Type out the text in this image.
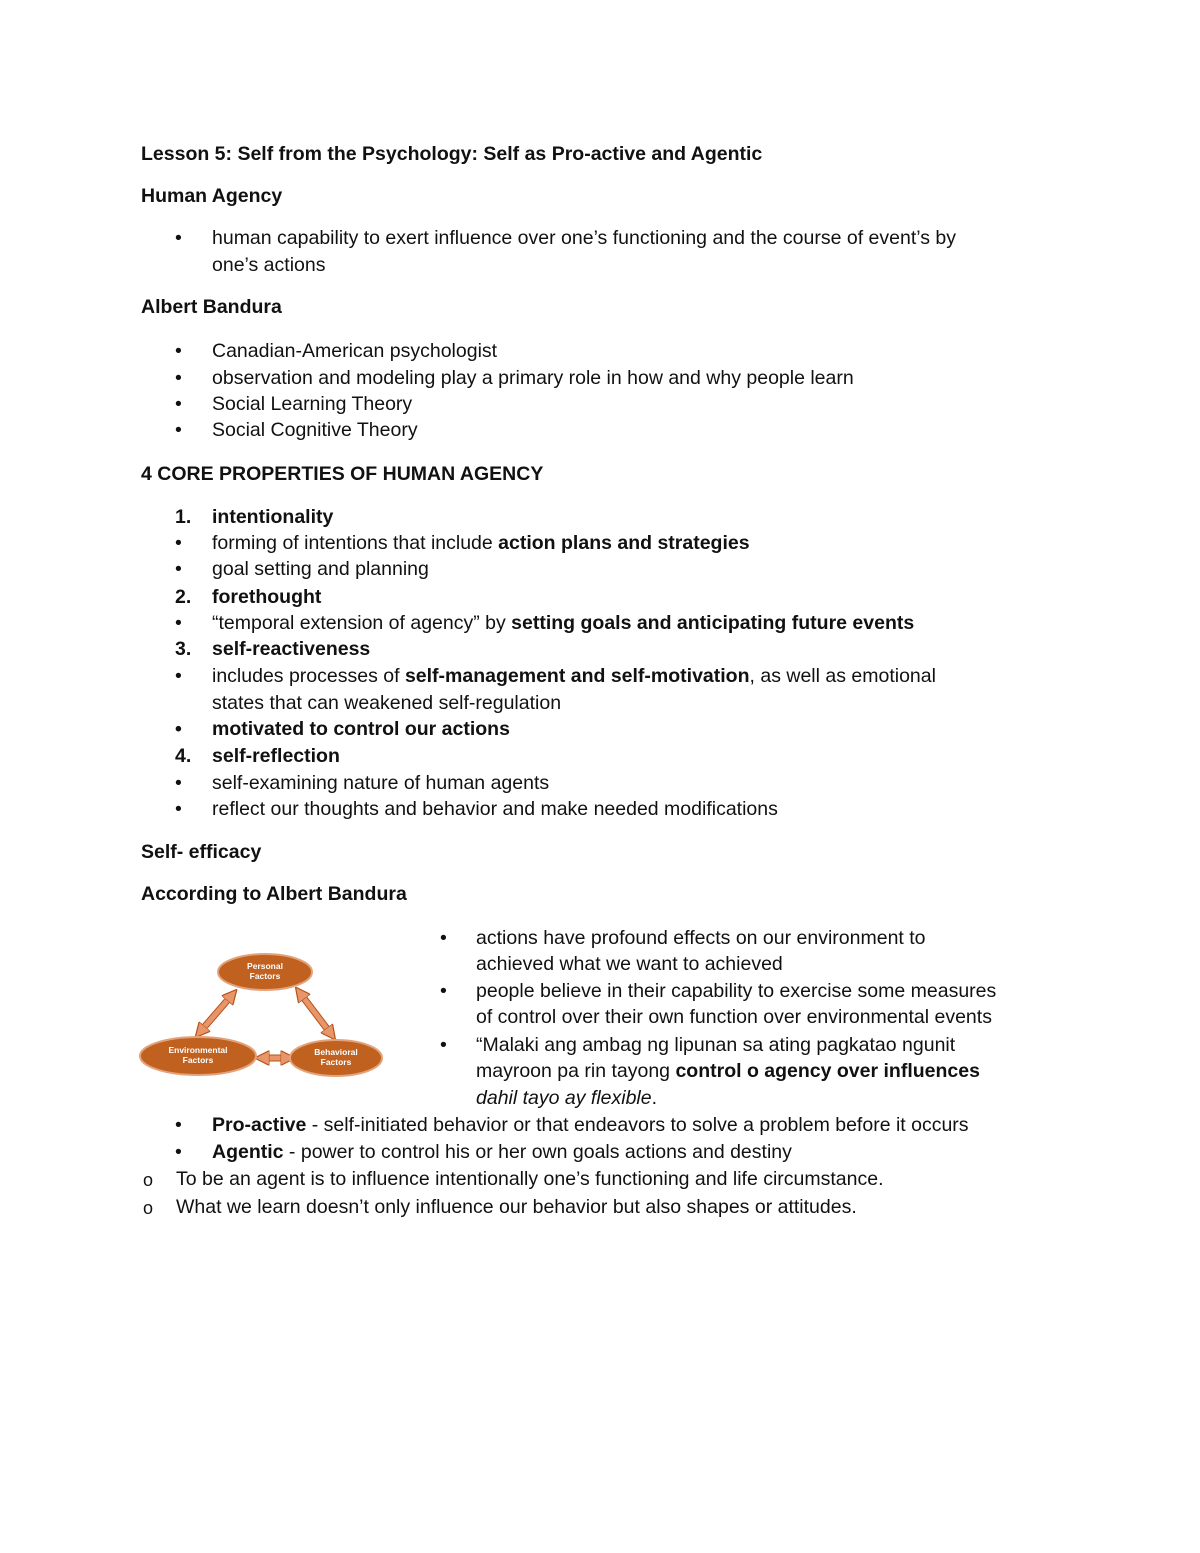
Lesson 5: Self from the Psychology: Self as Pro-active and Agentic
Human Agency
• human capability to exert influence over one’s functioning and the course of event’s by
one’s actions
Albert Bandura
• Canadian-American psychologist
• observation and modeling play a primary role in how and why people learn
• Social Learning Theory
• Social Cognitive Theory
4 CORE PROPERTIES OF HUMAN AGENCY
1. intentionality
• forming of intentions that include action plans and strategies
• goal setting and planning
2. forethought
• “temporal extension of agency” by setting goals and anticipating future events
3. self-reactiveness
• includes processes of self-management and self-motivation, as well as emotional
states that can weakened self-regulation
• motivated to control our actions
4. self-reflection
• self-examining nature of human agents
• reflect our thoughts and behavior and make needed modifications
Self- efficacy
According to Albert Bandura
Personal
Factors
Behavioral
Factors
Environmental
Factors
• actions have profound effects on our environment to
achieved what we want to achieved
• people believe in their capability to exercise some measures
of control over their own function over environmental events
• “Malaki ang ambag ng lipunan sa ating pagkatao ngunit
mayroon pa rin tayong control o agency over influences
dahil tayo ay flexible.
• Pro-active - self-initiated behavior or that endeavors to solve a problem before it occurs
• Agentic - power to control his or her own goals actions and destiny
o To be an agent is to influence intentionally one’s functioning and life circumstance.
o What we learn doesn’t only influence our behavior but also shapes or attitudes.
